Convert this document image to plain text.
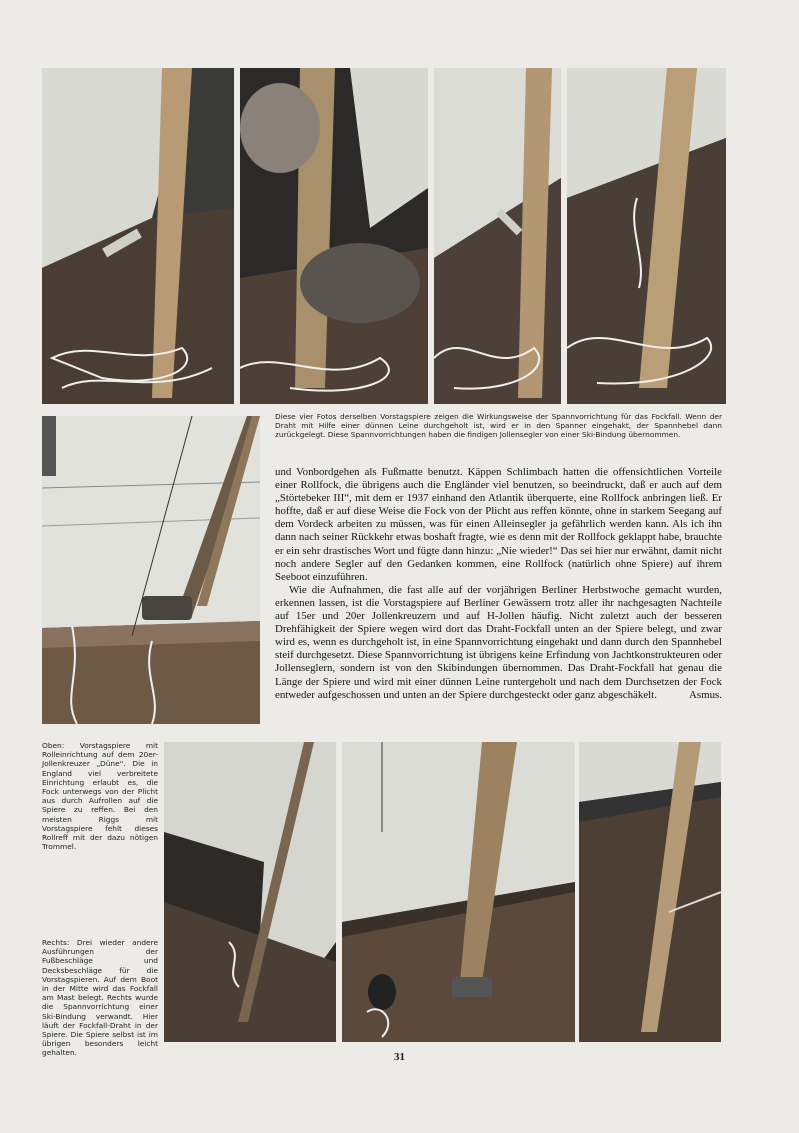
Diese vier Fotos derselben Vorstagspiere zeigen die Wirkungsweise der Spannvorrichtung für das Fockfall. Wenn der Draht mit Hilfe einer dünnen Leine durchgeholt ist, wird er in den Spanner eingehakt, der Spannhebel dann zurückgelegt. Diese Spannvorrichtungen haben die findigen Jollensegler von einer Ski-Bindung übernommen.

und Vonbordgehen als Fußmatte benutzt. Käppen Schlimbach hatten die offensichtlichen Vorteile einer Rollfock, die übrigens auch die Engländer viel benutzen, so beeindruckt, daß er auch auf dem „Störtebeker III“, mit dem er 1937 einhand den Atlantik überquerte, eine Rollfock anbringen ließ. Er hoffte, daß er auf diese Weise die Fock von der Plicht aus reffen könnte, ohne in starkem Seegang auf dem Vordeck arbeiten zu müssen, was für einen Alleinsegler ja gefährlich werden kann. Als ich ihn dann nach seiner Rückkehr etwas boshaft fragte, wie es denn mit der Rollfock geklappt habe, brauchte er ein sehr drastisches Wort und fügte dann hinzu: „Nie wieder!“ Das sei hier nur erwähnt, damit nicht noch andere Segler auf den Gedanken kommen, eine Rollfock (natürlich ohne Spiere) auf ihrem Seeboot einzuführen.

Wie die Aufnahmen, die fast alle auf der vorjährigen Berliner Herbstwoche gemacht wurden, erkennen lassen, ist die Vorstagspiere auf Berliner Gewässern trotz aller ihr nachgesagten Nachteile auf 15er und 20er Jollenkreuzern und auf H-Jollen häufig. Nicht zuletzt auch der besseren Drehfähigkeit der Spiere wegen wird dort das Draht-Fockfall unten an der Spiere belegt, und zwar wird es, wenn es durchgeholt ist, in eine Spannvorrichtung eingehakt und dann durch den Spannhebel steif durchgesetzt. Diese Spannvorrichtung ist übrigens keine Erfindung von Jachtkonstrukteuren oder Jollenseglern, sondern ist von den Skibindungen übernommen. Das Draht-Fockfall hat genau die Länge der Spiere und wird mit einer dünnen Leine runtergeholt und nach dem Durchsetzen der Fock entweder aufgeschossen und unten an der Spiere durchgesteckt oder ganz abgeschäkelt.	Asmus.

Oben: Vorstagspiere mit Rolleinrichtung auf dem 20er-Jollenkreuzer „Düne“. Die in England viel verbreitete Einrichtung erlaubt es, die Fock unterwegs von der Plicht aus durch Aufrollen auf die Spiere zu reffen. Bei den meisten Riggs mit Vorstagspiere fehlt dieses Rollreff mit der dazu nötigen Trommel.
Rechts: Drei wieder andere Ausführungen der Fußbeschläge und Decksbeschläge für die Vorstagspieren. Auf dem Boot in der Mitte wird das Fockfall am Mast belegt. Rechts wurde die Spannvorrichtung einer Ski-Bindung verwandt. Hier läuft der Fockfall-Draht in der Spiere. Die Spiere selbst ist im übrigen besonders leicht gehalten.	31
